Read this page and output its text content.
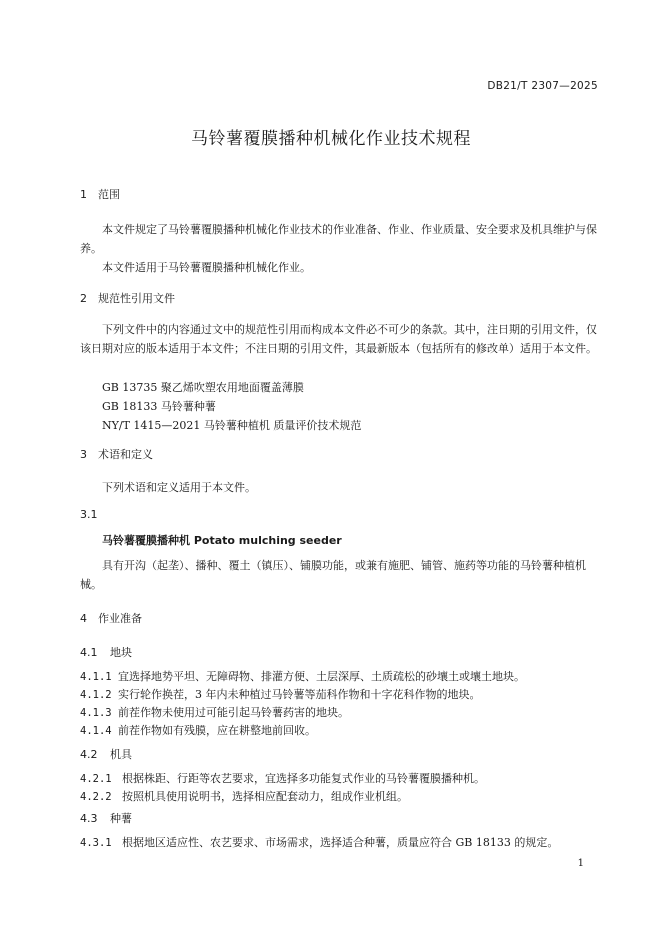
DB21/T 2307—2025
马铃薯覆膜播种机械化作业技术规程
1 范围
本文件规定了马铃薯覆膜播种机械化作业技术的作业准备、作业、作业质量、安全要求及机具维护与保养。
本文件适用于马铃薯覆膜播种机械化作业。
2 规范性引用文件
下列文件中的内容通过文中的规范性引用而构成本文件必不可少的条款。其中，注日期的引用文件，仅该日期对应的版本适用于本文件；不注日期的引用文件，其最新版本（包括所有的修改单）适用于本文件。
GB 13735 聚乙烯吹塑农用地面覆盖薄膜
GB 18133 马铃薯种薯
NY/T 1415—2021 马铃薯种植机 质量评价技术规范
3 术语和定义
下列术语和定义适用于本文件。
3.1
马铃薯覆膜播种机 Potato mulching seeder
具有开沟（起垄）、播种、覆土（镇压）、铺膜功能，或兼有施肥、铺管、施药等功能的马铃薯种植机械。
4 作业准备
4.1 地块
4.1.1 宜选择地势平坦、无障碍物、排灌方便、土层深厚、土质疏松的砂壤土或壤土地块。
4.1.2 实行轮作换茬，3 年内未种植过马铃薯等茄科作物和十字花科作物的地块。
4.1.3 前茬作物未使用过可能引起马铃薯药害的地块。
4.1.4 前茬作物如有残膜，应在耕整地前回收。
4.2 机具
4.2.1 根据株距、行距等农艺要求，宜选择多功能复式作业的马铃薯覆膜播种机。
4.2.2 按照机具使用说明书，选择相应配套动力，组成作业机组。
4.3 种薯
4.3.1 根据地区适应性、农艺要求、市场需求，选择适合种薯，质量应符合 GB 18133 的规定。
1
